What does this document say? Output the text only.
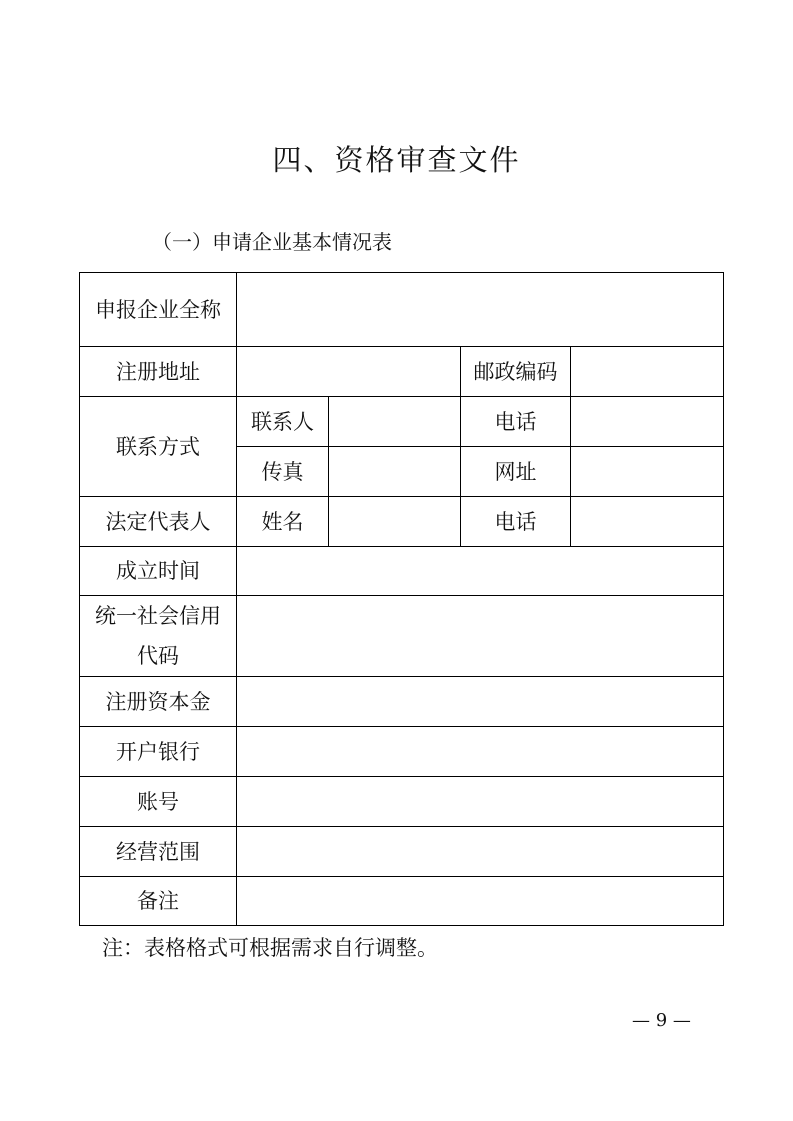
四、资格审查文件

（一）申请企业基本情况表

申报企业全称				
注册地址			邮政编码	
联系方式	联系人		电话	
	传真		网址	
法定代表人	姓名		电话	
成立时间				
统一社会信用
代码				
注册资本金				
开户银行				
账号				
经营范围				
备注				

注：表格格式可根据需求自行调整。

— 9 —
